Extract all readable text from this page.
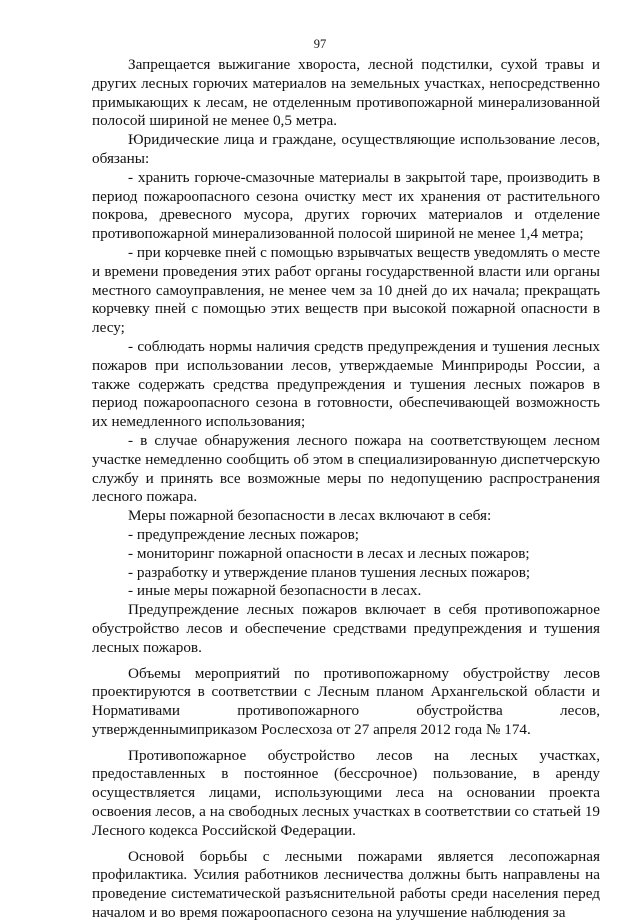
97

Запрещается выжигание хвороста, лесной подстилки, сухой травы и других лесных горючих материалов на земельных участках, непосредственно примыкающих к лесам, не отделенным противопожарной минерализованной полосой шириной не менее 0,5 метра.

Юридические лица и граждане, осуществляющие использование лесов, обязаны:

- хранить горюче-смазочные материалы в закрытой таре, производить в период пожароопасного сезона очистку мест их хранения от растительного покрова, древесного мусора, других горючих материалов и отделение противопожарной минерализованной полосой шириной не менее 1,4 метра;

- при корчевке пней с помощью взрывчатых веществ уведомлять о месте и времени проведения этих работ органы государственной власти или органы местного самоуправления, не менее чем за 10 дней до их начала; прекращать корчевку пней с помощью этих веществ при высокой пожарной опасности в лесу;

- соблюдать нормы наличия средств предупреждения и тушения лесных пожаров при использовании лесов, утверждаемые Минприроды России, а также содержать средства предупреждения и тушения лесных пожаров в период пожароопасного сезона в готовности, обеспечивающей возможность их немедленного использования;

- в случае обнаружения лесного пожара на соответствующем лесном участке немедленно сообщить об этом в специализированную диспетчерскую службу и принять все возможные меры по недопущению распространения лесного пожара.

Меры пожарной безопасности в лесах включают в себя:

- предупреждение лесных пожаров;
- мониторинг пожарной опасности в лесах и лесных пожаров;
- разработку и утверждение планов тушения лесных пожаров;
- иные меры пожарной безопасности в лесах.

Предупреждение лесных пожаров включает в себя противопожарное обустройство лесов и обеспечение средствами предупреждения и тушения лесных пожаров.

Объемы мероприятий по противопожарному обустройству лесов проектируются в соответствии с Лесным планом Архангельской области и Нормативами противопожарного обустройства лесов, утвержденнымиприказом Рослесхоза от 27 апреля 2012 года № 174.

Противопожарное обустройство лесов на лесных участках, предоставленных в постоянное (бессрочное) пользование, в аренду осуществляется лицами, использующими леса на основании проекта освоения лесов, а на свободных лесных участках в соответствии со статьей 19 Лесного кодекса Российской Федерации.

Основой борьбы с лесными пожарами является лесопожарная профилактика. Усилия работников лесничества должны быть направлены на проведение систематической разъяснительной работы среди населения перед началом и во время пожароопасного сезона на улучшение наблюдения за
